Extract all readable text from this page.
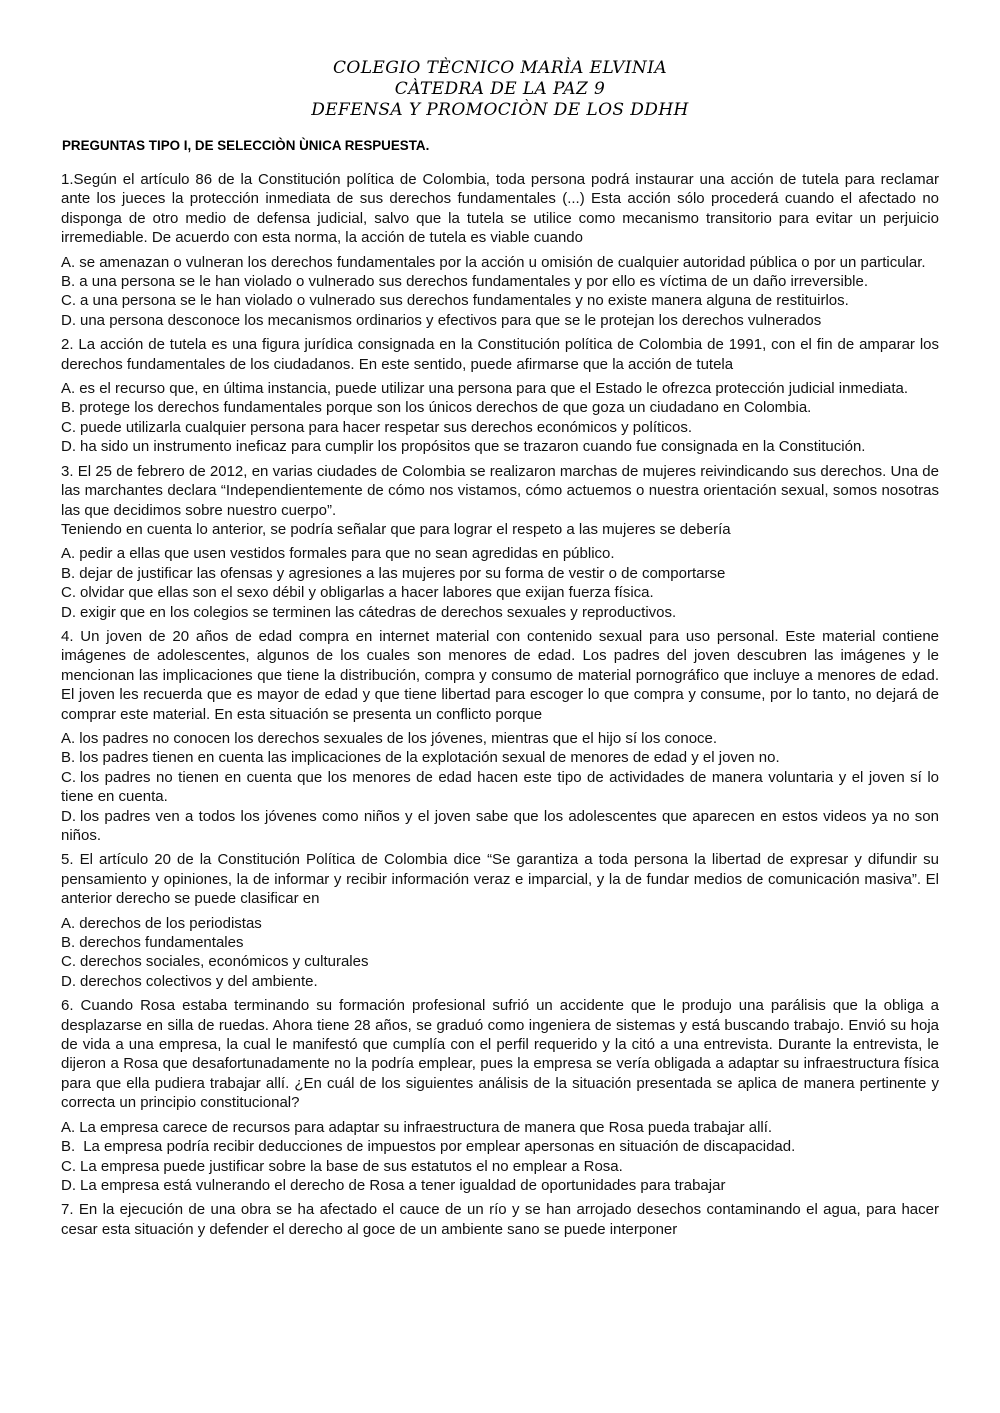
COLEGIO TÈCNICO MARÌA ELVINIA
CÀTEDRA DE LA PAZ 9
DEFENSA Y PROMOCIÒN DE LOS DDHH
PREGUNTAS TIPO I, DE SELECCIÒN ÙNICA RESPUESTA.

1.Según el artículo 86 de la Constitución política de Colombia, toda persona podrá instaurar una acción de tutela para reclamar ante los jueces la protección inmediata de sus derechos fundamentales (...) Esta acción sólo procederá cuando el afectado no disponga de otro medio de defensa judicial, salvo que la tutela se utilice como mecanismo transitorio para evitar un perjuicio irremediable. De acuerdo con esta norma, la acción de tutela es viable cuando

A. se amenazan o vulneran los derechos fundamentales por la acción u omisión de cualquier autoridad pública o por un particular.
B. a una persona se le han violado o vulnerado sus derechos fundamentales y por ello es víctima de un daño irreversible.
C. a una persona se le han violado o vulnerado sus derechos fundamentales y no existe manera alguna de restituirlos.
D. una persona desconoce los mecanismos ordinarios y efectivos para que se le protejan los derechos vulnerados

2. La acción de tutela es una figura jurídica consignada en la Constitución política de Colombia de 1991, con el fin de amparar los derechos fundamentales de los ciudadanos. En este sentido, puede afirmarse que la acción de tutela

A. es el recurso que, en última instancia, puede utilizar una persona para que el Estado le ofrezca protección judicial inmediata.
B. protege los derechos fundamentales porque son los únicos derechos de que goza un ciudadano en Colombia.
C. puede utilizarla cualquier persona para hacer respetar sus derechos económicos y políticos.
D. ha sido un instrumento ineficaz para cumplir los propósitos que se trazaron cuando fue consignada en la Constitución.

3. El 25 de febrero de 2012, en varias ciudades de Colombia se realizaron marchas de mujeres reivindicando sus derechos. Una de las marchantes declara “Independientemente de cómo nos vistamos, cómo actuemos o nuestra orientación sexual, somos nosotras las que decidimos sobre nuestro cuerpo”.

Teniendo en cuenta lo anterior, se podría señalar que para lograr el respeto a las mujeres se debería

A. pedir a ellas que usen vestidos formales para que no sean agredidas en público.
B. dejar de justificar las ofensas y agresiones a las mujeres por su forma de vestir o de comportarse
C. olvidar que ellas son el sexo débil y obligarlas a hacer labores que exijan fuerza física.
D. exigir que en los colegios se terminen las cátedras de derechos sexuales y reproductivos.

4. Un joven de 20 años de edad compra en internet material con contenido sexual para uso personal. Este material contiene imágenes de adolescentes, algunos de los cuales son menores de edad. Los padres del joven descubren las imágenes y le mencionan las implicaciones que tiene la distribución, compra y consumo de material pornográfico que incluye a menores de edad. El joven les recuerda que es mayor de edad y que tiene libertad para escoger lo que compra y consume, por lo tanto, no dejará de comprar este material. En esta situación se presenta un conflicto porque

A. los padres no conocen los derechos sexuales de los jóvenes, mientras que el hijo sí los conoce.
B. los padres tienen en cuenta las implicaciones de la explotación sexual de menores de edad y el joven no.
C. los padres no tienen en cuenta que los menores de edad hacen este tipo de actividades de manera voluntaria y el joven sí lo tiene en cuenta.
D. los padres ven a todos los jóvenes como niños y el joven sabe que los adolescentes que aparecen en estos videos ya no son niños.

5. El artículo 20 de la Constitución Política de Colombia dice “Se garantiza a toda persona la libertad de expresar y difundir su pensamiento y opiniones, la de informar y recibir información veraz e imparcial, y la de fundar medios de comunicación masiva”. El anterior derecho se puede clasificar en

A. derechos de los periodistas
B. derechos fundamentales
C. derechos sociales, económicos y culturales
D. derechos colectivos y del ambiente.

6. Cuando Rosa estaba terminando su formación profesional sufrió un accidente que le produjo una parálisis que la obliga a desplazarse en silla de ruedas. Ahora tiene 28 años, se graduó como ingeniera de sistemas y está buscando trabajo. Envió su hoja de vida a una empresa, la cual le manifestó que cumplía con el perfil requerido y la citó a una entrevista. Durante la entrevista, le dijeron a Rosa que desafortunadamente no la podría emplear, pues la empresa se vería obligada a adaptar su infraestructura física para que ella pudiera trabajar allí. ¿En cuál de los siguientes análisis de la situación presentada se aplica de manera pertinente y correcta un principio constitucional?

A. La empresa carece de recursos para adaptar su infraestructura de manera que Rosa pueda trabajar allí.
B. La empresa podría recibir deducciones de impuestos por emplear apersonas en situación de discapacidad.
C. La empresa puede justificar sobre la base de sus estatutos el no emplear a Rosa.
D. La empresa está vulnerando el derecho de Rosa a tener igualdad de oportunidades para trabajar

7. En la ejecución de una obra se ha afectado el cauce de un río y se han arrojado desechos contaminando el agua, para hacer cesar esta situación y defender el derecho al goce de un ambiente sano se puede interponer
